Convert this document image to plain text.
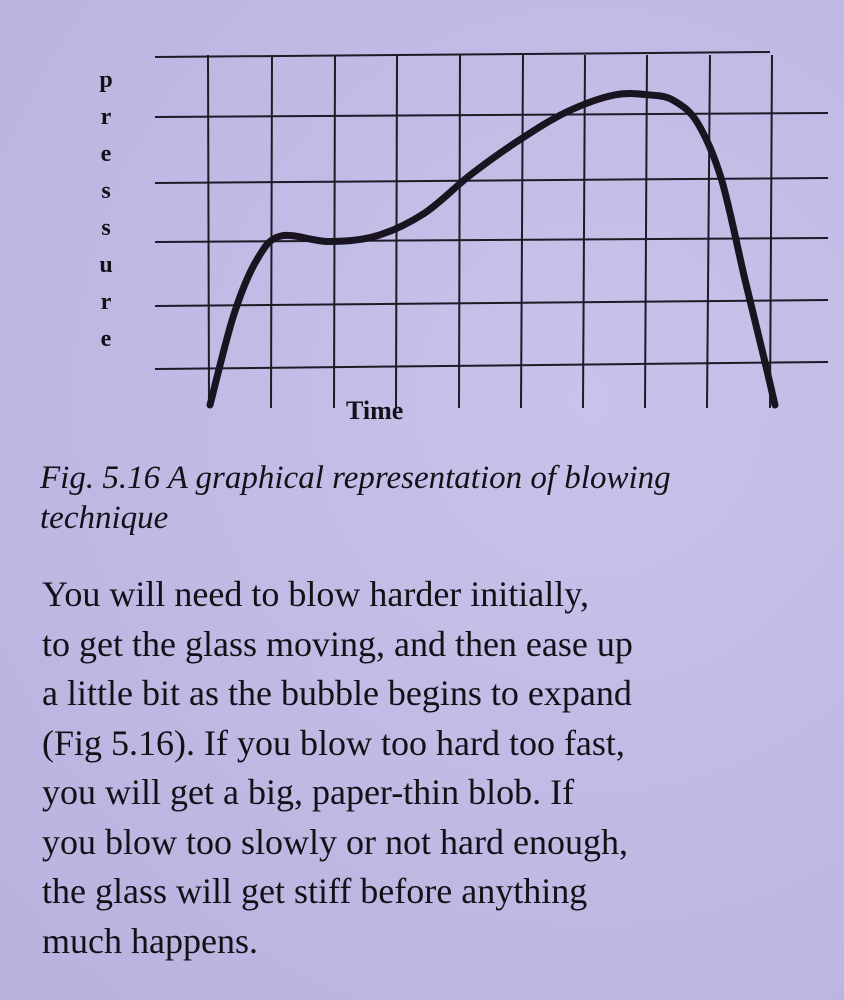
p
r
e
s
s
u
r
e
Time
Fig. 5.16 A graphical representation of blowing
technique
You will need to blow harder initially,
to get the glass moving, and then ease up
a little bit as the bubble begins to expand
(Fig 5.16). If you blow too hard too fast,
you will get a big, paper-thin blob. If
you blow too slowly or not hard enough,
the glass will get stiff before anything
much happens.
